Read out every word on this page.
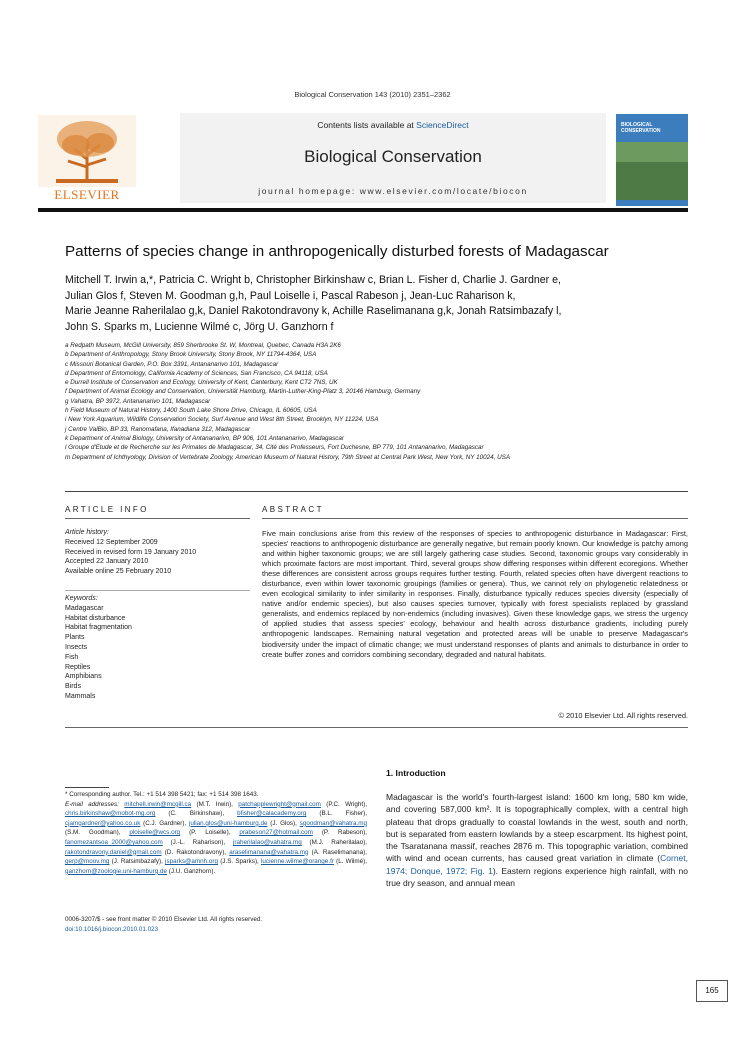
Biological Conservation 143 (2010) 2351–2362
ELSEVIER
Contents lists available at ScienceDirect
Biological Conservation
journal homepage: www.elsevier.com/locate/biocon
BIOLOGICAL
CONSERVATION
Patterns of species change in anthropogenically disturbed forests of Madagascar
Mitchell T. Irwin a,*, Patricia C. Wright b, Christopher Birkinshaw c, Brian L. Fisher d, Charlie J. Gardner e,
Julian Glos f, Steven M. Goodman g,h, Paul Loiselle i, Pascal Rabeson j, Jean-Luc Raharison k,
Marie Jeanne Raherilalao g,k, Daniel Rakotondravony k, Achille Raselimanana g,k, Jonah Ratsimbazafy l,
John S. Sparks m, Lucienne Wilmé c, Jörg U. Ganzhorn f
a Redpath Museum, McGill University, 859 Sherbrooke St. W, Montreal, Quebec, Canada H3A 2K6
b Department of Anthropology, Stony Brook University, Stony Brook, NY 11794-4364, USA
c Missouri Botanical Garden, P.O. Box 3391, Antananarivo 101, Madagascar
d Department of Entomology, California Academy of Sciences, San Francisco, CA 94118, USA
e Durrell Institute of Conservation and Ecology, University of Kent, Canterbury, Kent CT2 7NS, UK
f Department of Animal Ecology and Conservation, Universität Hamburg, Martin-Luther-King-Platz 3, 20146 Hamburg, Germany
g Vahatra, BP 3972, Antananarivo 101, Madagascar
h Field Museum of Natural History, 1400 South Lake Shore Drive, Chicago, IL 60605, USA
i New York Aquarium, Wildlife Conservation Society, Surf Avenue and West 8th Street, Brooklyn, NY 11224, USA
j Centre ValBio, BP 33, Ranomafana, Ifanadiana 312, Madagascar
k Department of Animal Biology, University of Antananarivo, BP 906, 101 Antananarivo, Madagascar
l Groupe d'Etude et de Recherche sur les Primates de Madagascar, 34, Cité des Professeurs, Fort Duchesne, BP 779, 101 Antananarivo, Madagascar
m Department of Ichthyology, Division of Vertebrate Zoology, American Museum of Natural History, 79th Street at Central Park West, New York, NY 10024, USA
ARTICLE INFO
Article history:
Received 12 September 2009
Received in revised form 19 January 2010
Accepted 22 January 2010
Available online 25 February 2010
Keywords:
Madagascar
Habitat disturbance
Habitat fragmentation
Plants
Insects
Fish
Reptiles
Amphibians
Birds
Mammals
ABSTRACT
Five main conclusions arise from this review of the responses of species to anthropogenic disturbance in Madagascar: First, species' reactions to anthropogenic disturbance are generally negative, but remain poorly known. Our knowledge is patchy among and within higher taxonomic groups; we are still largely gathering case studies. Second, taxonomic groups vary considerably in which proximate factors are most important. Third, several groups show differing responses within different ecoregions. Whether these differences are consistent across groups requires further testing. Fourth, related species often have divergent reactions to disturbance, even within lower taxonomic groupings (families or genera). Thus, we cannot rely on phylogenetic relatedness or even ecological similarity to infer similarity in responses. Finally, disturbance typically reduces species diversity (especially of native and/or endemic species), but also causes species turnover, typically with forest specialists replaced by grassland generalists, and endemics replaced by non-endemics (including invasives). Given these knowledge gaps, we stress the urgency of applied studies that assess species' ecology, behaviour and health across disturbance gradients, including purely anthropogenic landscapes. Remaining natural vegetation and protected areas will be unable to preserve Madagascar's biodiversity under the impact of climatic change; we must understand responses of plants and animals to disturbance in order to create buffer zones and corridors combining secondary, degraded and natural habitats.
© 2010 Elsevier Ltd. All rights reserved.
* Corresponding author. Tel.: +1 514 398 5421; fax: +1 514 398 1643.
E-mail addresses: mitchell.irwin@mcgill.ca (M.T. Irwin), patchapplewright@gmail.com (P.C. Wright), chris.birkinshaw@mobot-mg.org (C. Birkinshaw), bfisher@calacademy.org (B.L. Fisher), cjamgardner@yahoo.co.uk (C.J. Gardner), julian.glos@uni-hamburg.de (J. Glos), sgoodman@vahatra.mg (S.M. Goodman), ploiselle@wcs.org (P. Loiselle), prabeson27@hotmail.com (P. Rabeson), fanomezantsoa_2000@yahoo.com (J.-L. Raharison), jraherilalao@vahatra.mg (M.J. Raherilalao), rakotondravony.daniel@gmail.com (D. Rakotondravony), araselimanana@vahatra.mg (A. Raselimanana), gerp@moov.mg (J. Ratsimbazafy), jsparks@amnh.org (J.S. Sparks), lucienne.wilme@orange.fr (L. Wilmé), ganzhorn@zoologie.uni-hamburg.de (J.U. Ganzhorn).
0006-3207/$ - see front matter © 2010 Elsevier Ltd. All rights reserved.
doi:10.1016/j.biocon.2010.01.023
1. Introduction
Madagascar is the world's fourth-largest island: 1600 km long, 580 km wide, and covering 587,000 km². It is topographically complex, with a central high plateau that drops gradually to coastal lowlands in the west, south and north, but is separated from eastern lowlands by a steep escarpment. Its highest point, the Tsaratanana massif, reaches 2876 m. This topographic variation, combined with wind and ocean currents, has caused great variation in climate (Cornet, 1974; Donque, 1972; Fig. 1). Eastern regions experience high rainfall, with no true dry season, and annual mean
165
